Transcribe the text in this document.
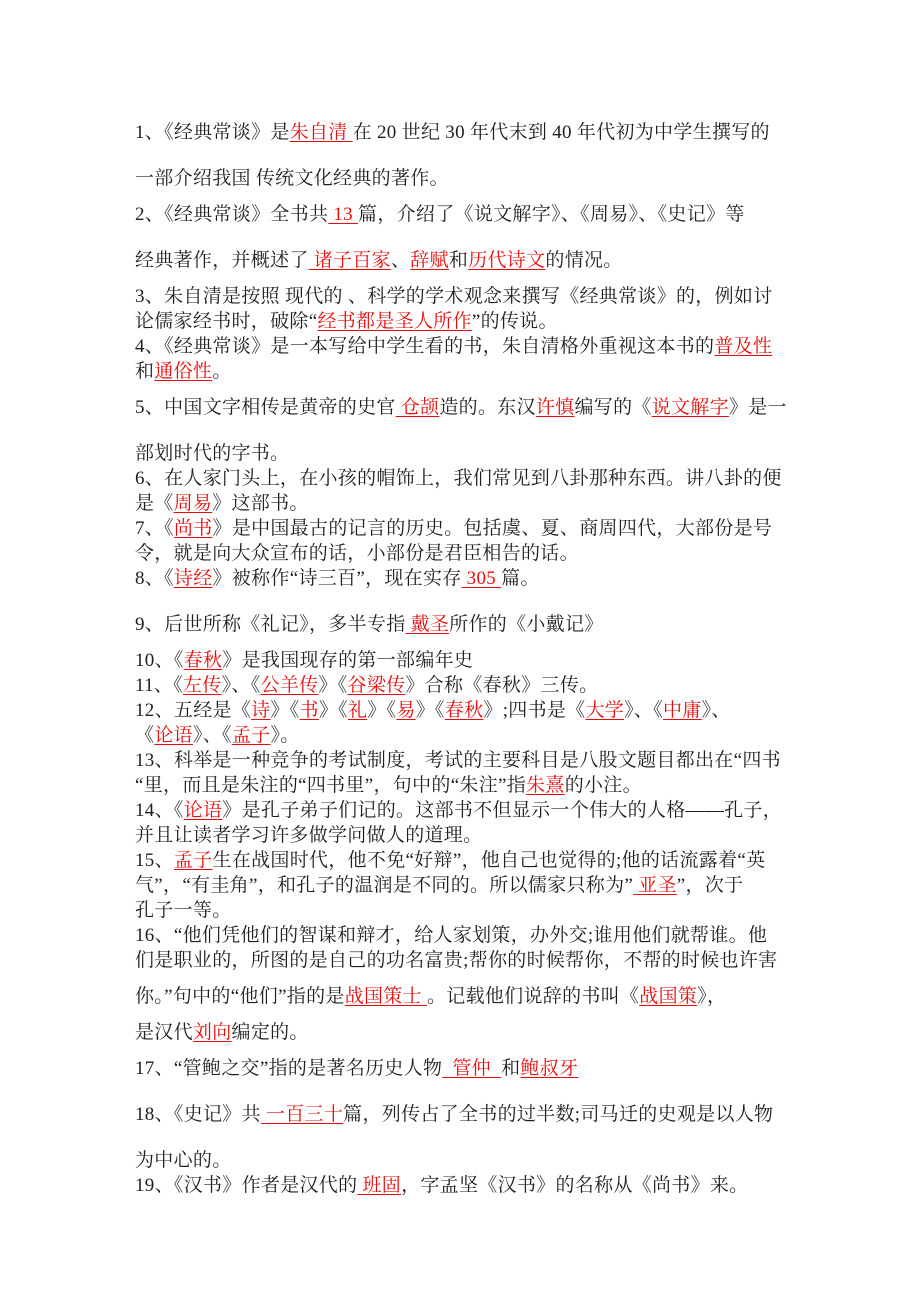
1、《经典常谈》是朱自清 在 20 世纪 30 年代末到 40 年代初为中学生撰写的
一部介绍我国 传统文化经典的著作。
2、《经典常谈》全书共 13 篇，介绍了《说文解字》、《周易》、《史记》等
经典著作，并概述了 诸子百家、辞赋和历代诗文的情况。
3、朱自清是按照 现代的 、科学的学术观念来撰写《经典常谈》的，例如讨
论儒家经书时，破除“经书都是圣人所作”的传说。
4、《经典常谈》是一本写给中学生看的书，朱自清格外重视这本书的普及性
和通俗性。
5、中国文字相传是黄帝的史官 仓颉造的。东汉许慎编写的《说文解字》是一
部划时代的字书。
6、在人家门头上，在小孩的帽饰上，我们常见到八卦那种东西。讲八卦的便
是《周易》这部书。
7、《尚书》是中国最古的记言的历史。包括虞、夏、商周四代，大部份是号
令，就是向大众宣布的话，小部份是君臣相告的话。
8、《诗经》被称作“诗三百”，现在实存 305 篇。
9、后世所称《礼记》，多半专指 戴圣所作的《小戴记》
10、《春秋》是我国现存的第一部编年史
11、《左传》、《公羊传》《谷梁传》合称《春秋》三传。
12、五经是《诗》《书》《礼》《易》《春秋》;四书是《大学》、《中庸》、
《论语》、《孟子》。
13、科举是一种竞争的考试制度，考试的主要科目是八股文题目都出在“四书
“里，而且是朱注的“四书里”，句中的“朱注”指朱熹的小注。
14、《论语》是孔子弟子们记的。这部书不但显示一个伟大的人格——孔子，
并且让读者学习许多做学问做人的道理。
15、孟子生在战国时代，他不免“好辩”，他自己也觉得的;他的话流露着“英
气”，“有圭角”，和孔子的温润是不同的。所以儒家只称为” 亚圣”，次于
孔子一等。
16、“他们凭他们的智谋和辩才，给人家划策，办外交;谁用他们就帮谁。他
们是职业的，所图的是自己的功名富贵;帮你的时候帮你，不帮的时候也许害
你。”句中的“他们”指的是战国策士 。记载他们说辞的书叫《战国策》，
是汉代刘向编定的。
17、“管鲍之交”指的是著名历史人物  管仲  和鲍叔牙
18、《史记》共 一百三十篇，列传占了全书的过半数;司马迁的史观是以人物
为中心的。
19、《汉书》作者是汉代的 班固，字孟坚《汉书》的名称从《尚书》来。
